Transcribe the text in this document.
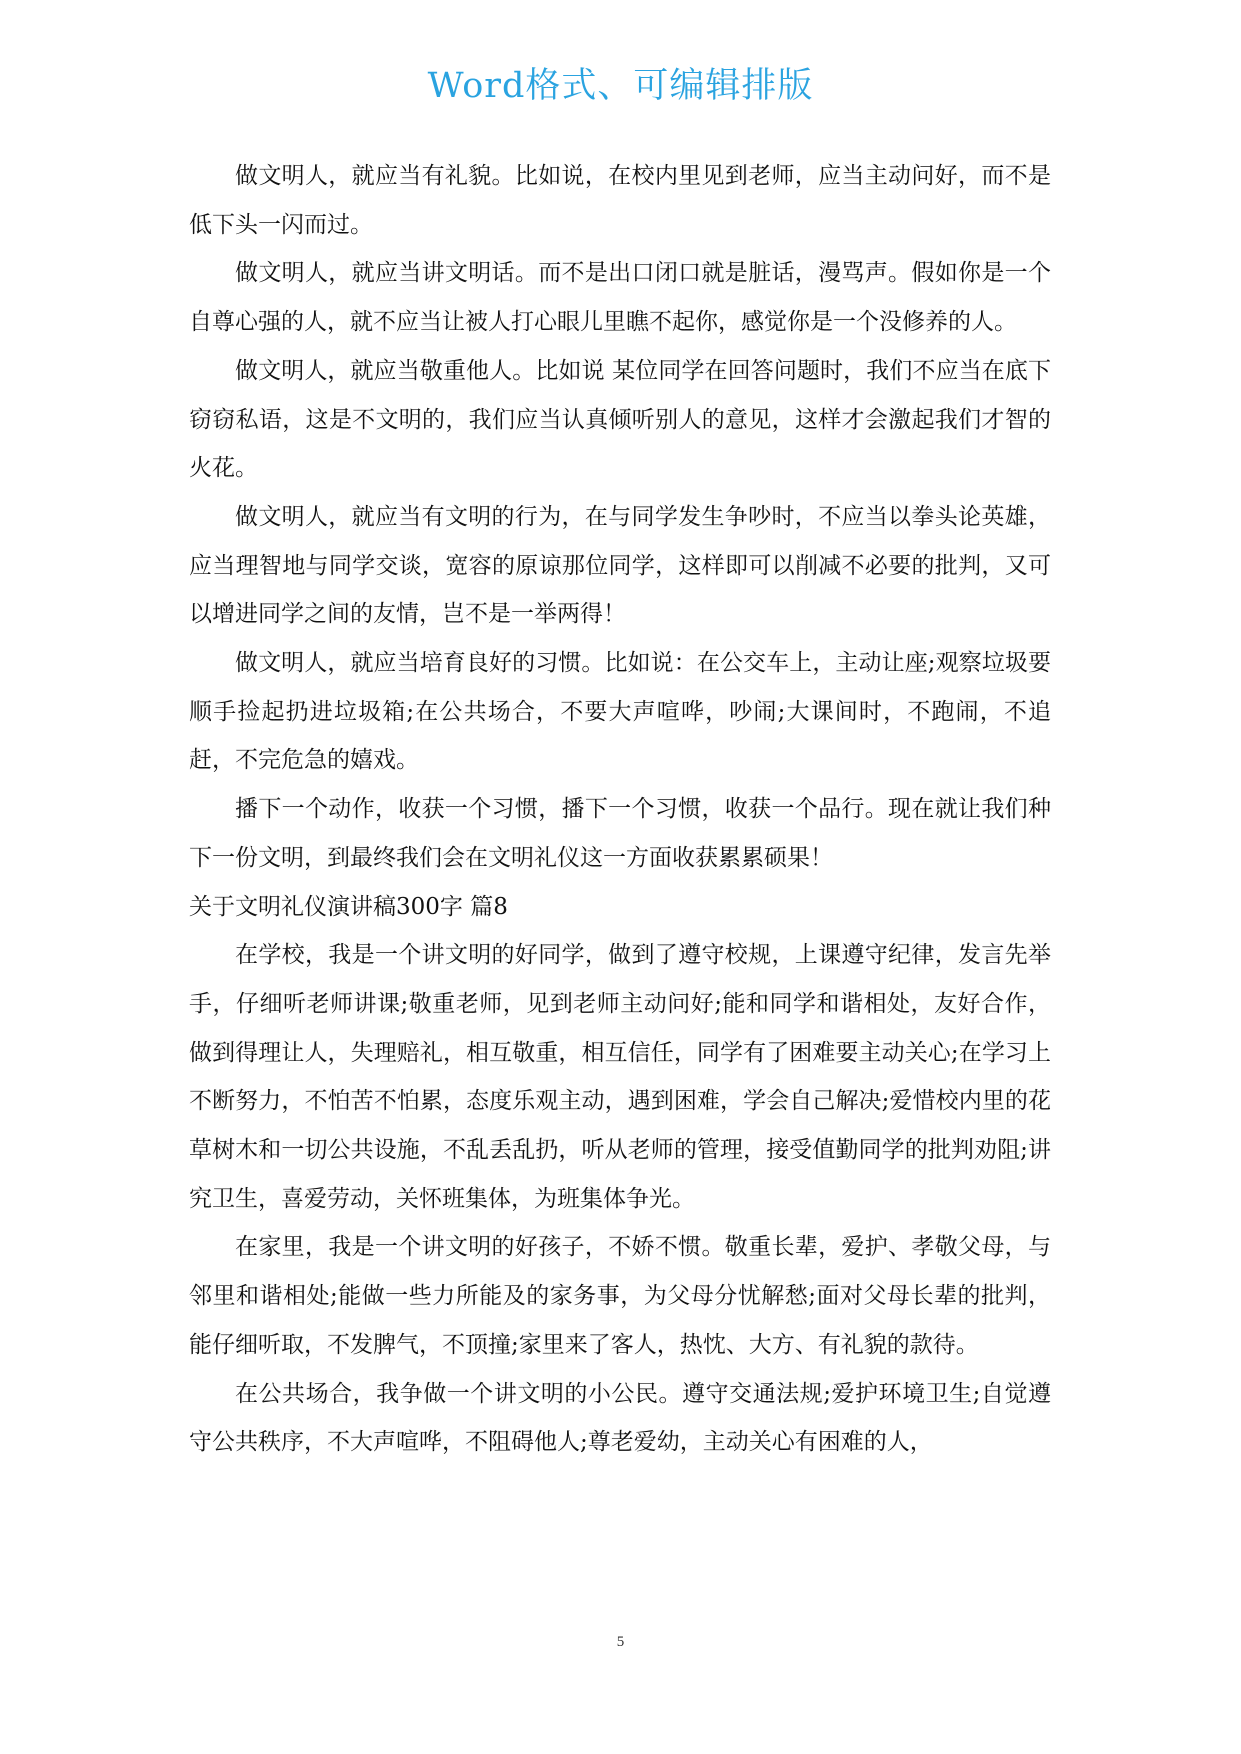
Word格式、可编辑排版

做文明人，就应当有礼貌。比如说，在校内里见到老师，应当主动问好，而不是低下头一闪而过。

做文明人，就应当讲文明话。而不是出口闭口就是脏话，漫骂声。假如你是一个自尊心强的人，就不应当让被人打心眼儿里瞧不起你，感觉你是一个没修养的人。

做文明人，就应当敬重他人。比如说 某位同学在回答问题时，我们不应当在底下窃窃私语，这是不文明的，我们应当认真倾听别人的意见，这样才会激起我们才智的火花。

做文明人，就应当有文明的行为，在与同学发生争吵时，不应当以拳头论英雄，应当理智地与同学交谈，宽容的原谅那位同学，这样即可以削减不必要的批判，又可以增进同学之间的友情，岂不是一举两得！

做文明人，就应当培育良好的习惯。比如说：在公交车上，主动让座;观察垃圾要顺手捡起扔进垃圾箱;在公共场合，不要大声喧哗，吵闹;大课间时，不跑闹，不追赶，不完危急的嬉戏。

播下一个动作，收获一个习惯，播下一个习惯，收获一个品行。现在就让我们种下一份文明，到最终我们会在文明礼仪这一方面收获累累硕果！

关于文明礼仪演讲稿300字 篇8

在学校，我是一个讲文明的好同学，做到了遵守校规，上课遵守纪律，发言先举手，仔细听老师讲课;敬重老师，见到老师主动问好;能和同学和谐相处，友好合作，做到得理让人，失理赔礼，相互敬重，相互信任，同学有了困难要主动关心;在学习上不断努力，不怕苦不怕累，态度乐观主动，遇到困难，学会自己解决;爱惜校内里的花草树木和一切公共设施，不乱丢乱扔，听从老师的管理，接受值勤同学的批判劝阻;讲究卫生，喜爱劳动，关怀班集体，为班集体争光。

在家里，我是一个讲文明的好孩子，不娇不惯。敬重长辈，爱护、孝敬父母，与邻里和谐相处;能做一些力所能及的家务事，为父母分忧解愁;面对父母长辈的批判，能仔细听取，不发脾气，不顶撞;家里来了客人，热忱、大方、有礼貌的款待。

在公共场合，我争做一个讲文明的小公民。遵守交通法规;爱护环境卫生;自觉遵守公共秩序，不大声喧哗，不阻碍他人;尊老爱幼，主动关心有困难的人，

5
